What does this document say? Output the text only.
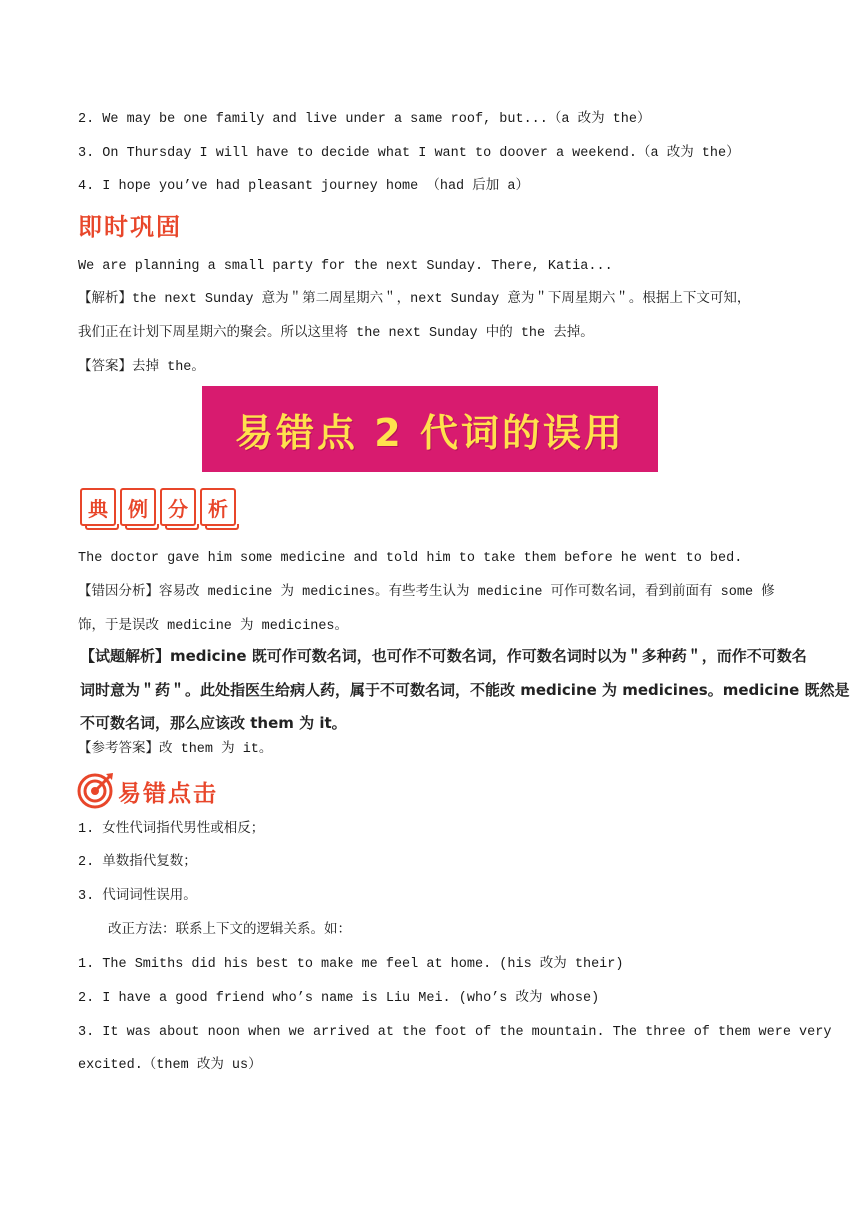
2. We may be one family and live under a same roof, but...（a 改为 the）
3. On Thursday I will have to decide what I want to doover a weekend.（a 改为 the）
4. I hope you’ve had pleasant journey home （had 后加 a）
即时巩固
We are planning a small party for the next Sunday. There, Katia...
【解析】the next Sunday 意为＂第二周星期六＂，next Sunday 意为＂下周星期六＂。根据上下文可知，
我们正在计划下周星期六的聚会。所以这里将 the next Sunday 中的 the 去掉。
【答案】去掉 the。
易错点 2 代词的误用
典	例	分	析
The doctor gave him some medicine and told him to take them before he went to bed.
【错因分析】容易改 medicine 为 medicines。有些考生认为 medicine 可作可数名词，看到前面有 some 修
饰，于是误改 medicine 为 medicines。
【试题解析】medicine 既可作可数名词，也可作不可数名词，作可数名词时以为＂多种药＂，而作不可数名
词时意为＂药＂。此处指医生给病人药，属于不可数名词，不能改 medicine 为 medicines。medicine 既然是
不可数名词，那么应该改 them 为 it。
【参考答案】改 them 为 it。
易错点击
1. 女性代词指代男性或相反；
2. 单数指代复数；
3. 代词词性误用。
改正方法：联系上下文的逻辑关系。如：
1. The Smiths did his best to make me feel at home. (his 改为 their)
2. I have a good friend who’s name is Liu Mei. (who’s 改为 whose)
3. It was about noon when we arrived at the foot of the mountain. The three of them were very
excited.（them 改为 us）
